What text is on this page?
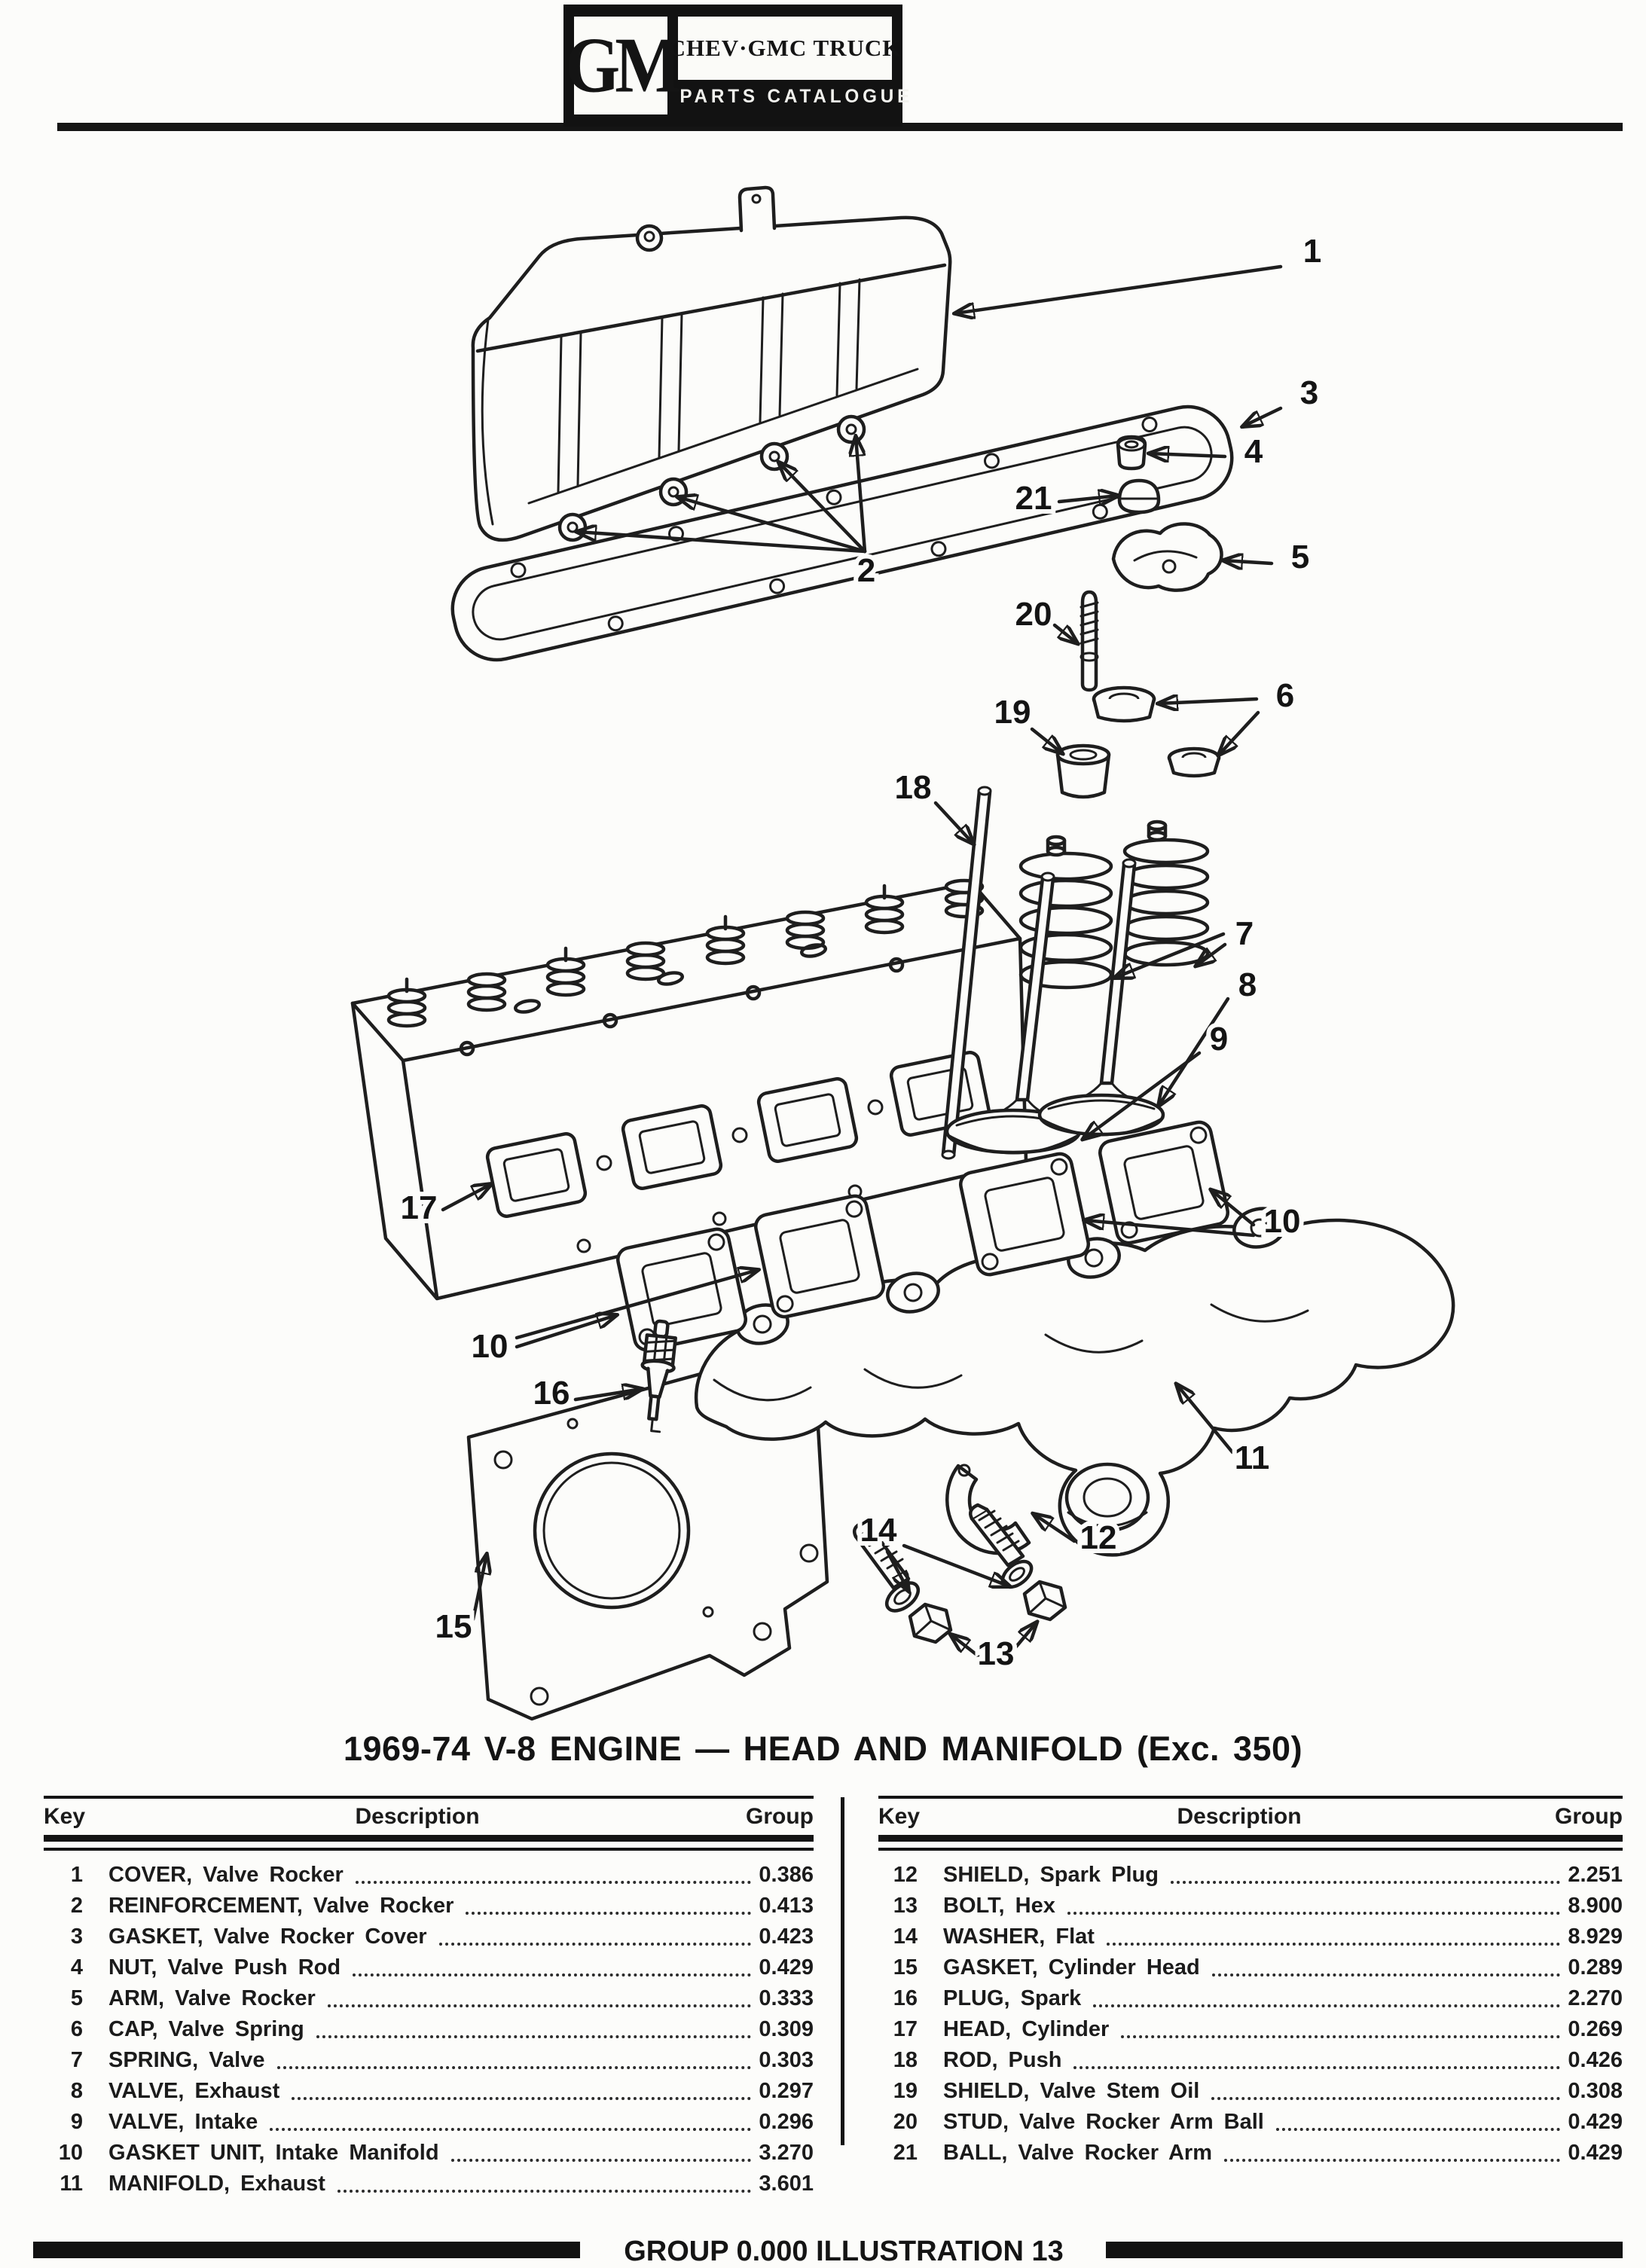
GM
CHEV·GMC TRUCK
PARTS CATALOGUE
1
2
3
4
21
5
20
6
19
18
7
8
9
17
10
10
16
11
15
12
14
13
1969-74 V-8 ENGINE — HEAD AND MANIFOLD (Exc. 350)
Key	Description	Group
1	COVER, Valve Rocker	0.386
2	REINFORCEMENT, Valve Rocker	0.413
3	GASKET, Valve Rocker Cover	0.423
4	NUT, Valve Push Rod	0.429
5	ARM, Valve Rocker	0.333
6	CAP, Valve Spring	0.309
7	SPRING, Valve	0.303
8	VALVE, Exhaust	0.297
9	VALVE, Intake	0.296
10	GASKET UNIT, Intake Manifold	3.270
11	MANIFOLD, Exhaust	3.601
Key	Description	Group
12	SHIELD, Spark Plug	2.251
13	BOLT, Hex	8.900
14	WASHER, Flat	8.929
15	GASKET, Cylinder Head	0.289
16	PLUG, Spark	2.270
17	HEAD, Cylinder	0.269
18	ROD, Push	0.426
19	SHIELD, Valve Stem Oil	0.308
20	STUD, Valve Rocker Arm Ball	0.429
21	BALL, Valve Rocker Arm	0.429
GROUP 0.000 ILLUSTRATION 13
